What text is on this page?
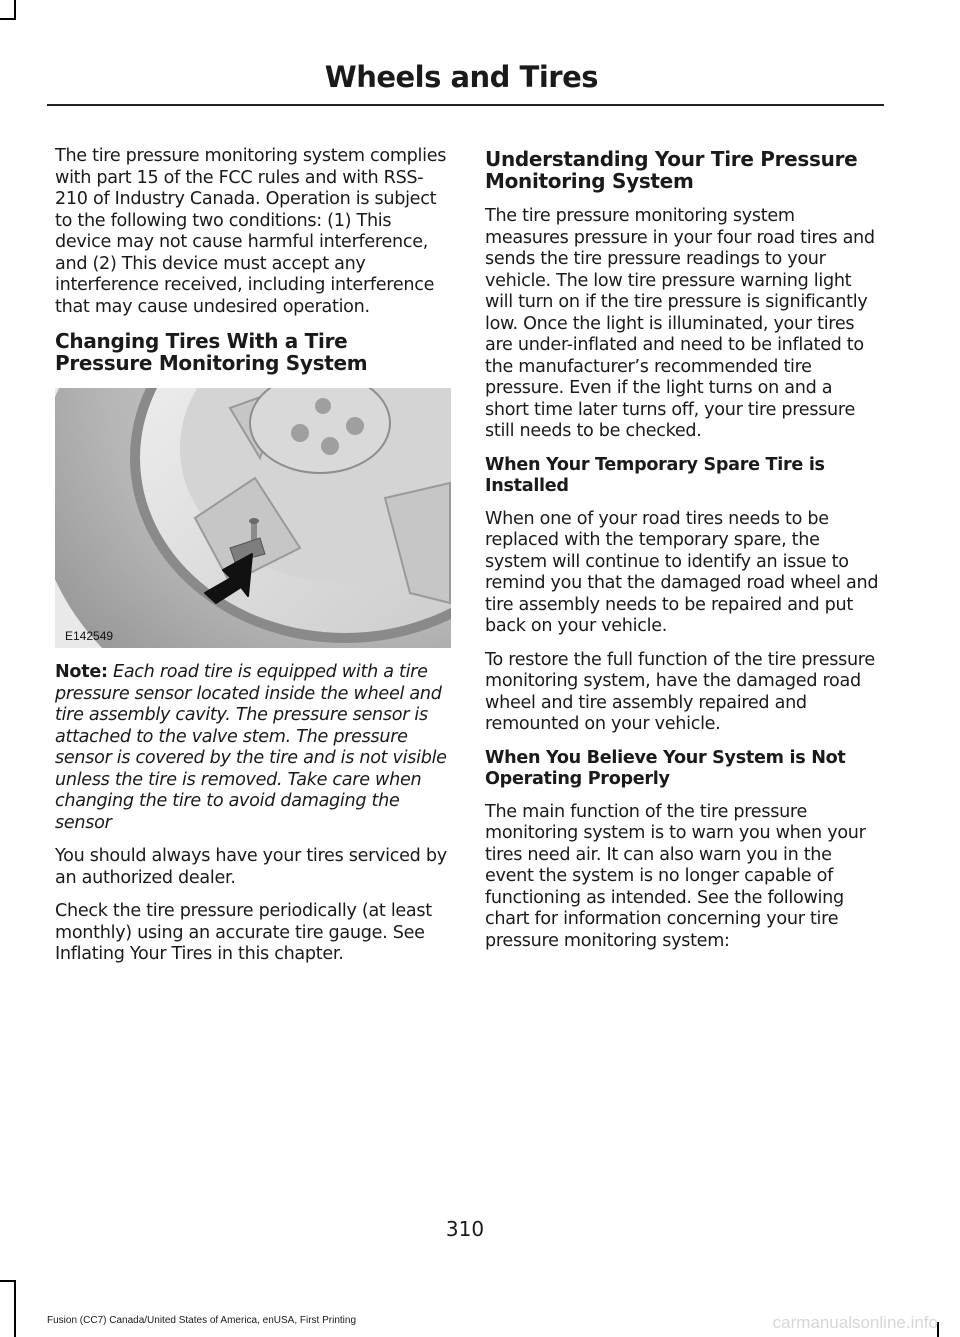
Wheels and Tires

The tire pressure monitoring system complies with part 15 of the FCC rules and with RSS-210 of Industry Canada. Operation is subject to the following two conditions: (1) This device may not cause harmful interference, and (2) This device must accept any interference received, including interference that may cause undesired operation.

Changing Tires With a Tire Pressure Monitoring System
E142549

Note: Each road tire is equipped with a tire pressure sensor located inside the wheel and tire assembly cavity. The pressure sensor is attached to the valve stem. The pressure sensor is covered by the tire and is not visible unless the tire is removed. Take care when changing the tire to avoid damaging the sensor

You should always have your tires serviced by an authorized dealer.

Check the tire pressure periodically (at least monthly) using an accurate tire gauge. See Inflating Your Tires in this chapter.

Understanding Your Tire Pressure Monitoring System

The tire pressure monitoring system measures pressure in your four road tires and sends the tire pressure readings to your vehicle. The low tire pressure warning light will turn on if the tire pressure is significantly low. Once the light is illuminated, your tires are under-inflated and need to be inflated to the manufacturer’s recommended tire pressure. Even if the light turns on and a short time later turns off, your tire pressure still needs to be checked.

When Your Temporary Spare Tire is Installed

When one of your road tires needs to be replaced with the temporary spare, the system will continue to identify an issue to remind you that the damaged road wheel and tire assembly needs to be repaired and put back on your vehicle.

To restore the full function of the tire pressure monitoring system, have the damaged road wheel and tire assembly repaired and remounted on your vehicle.

When You Believe Your System is Not Operating Properly

The main function of the tire pressure monitoring system is to warn you when your tires need air. It can also warn you in the event the system is no longer capable of functioning as intended. See the following chart for information concerning your tire pressure monitoring system:

310
Fusion (CC7) Canada/United States of America, enUSA, First Printing	carmanualsonline.info
